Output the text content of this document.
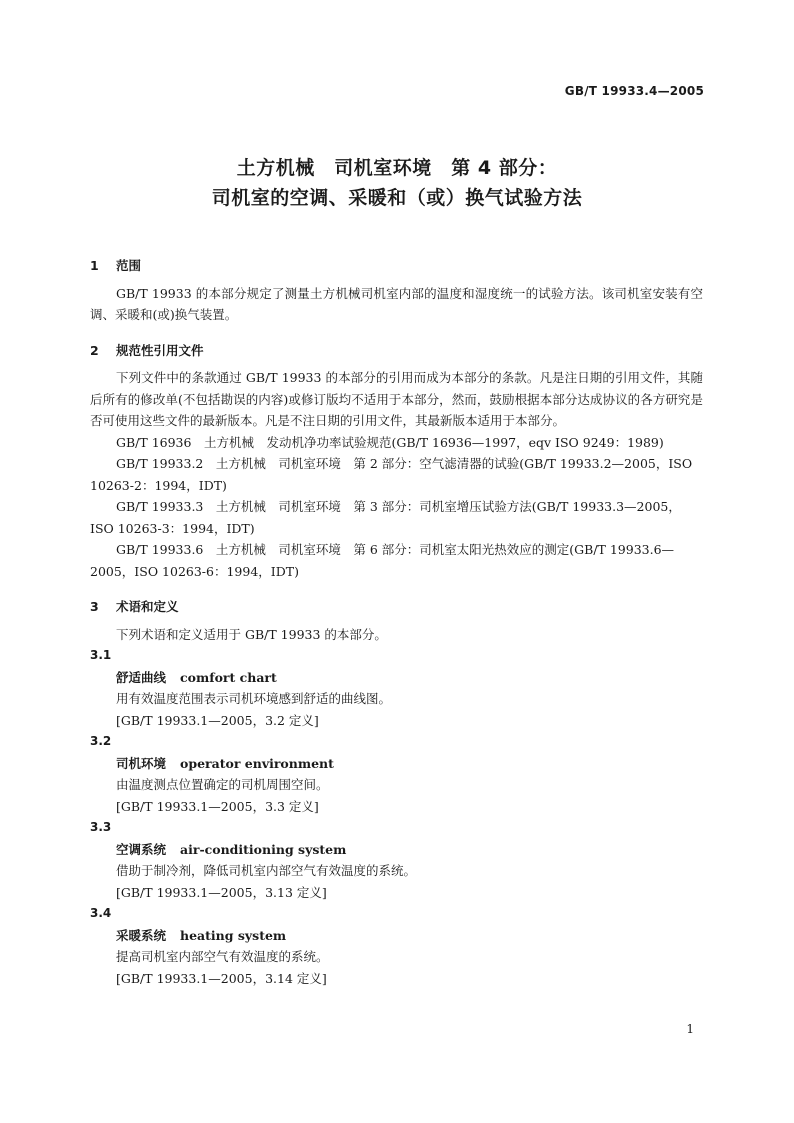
GB/T 19933.4—2005
土方机械　司机室环境　第 4 部分：
司机室的空调、采暖和（或）换气试验方法
1 范围
GB/T 19933 的本部分规定了测量土方机械司机室内部的温度和湿度统一的试验方法。该司机室安装有空调、采暖和(或)换气装置。
2 规范性引用文件
下列文件中的条款通过 GB/T 19933 的本部分的引用而成为本部分的条款。凡是注日期的引用文件，其随后所有的修改单(不包括勘误的内容)或修订版均不适用于本部分，然而，鼓励根据本部分达成协议的各方研究是否可使用这些文件的最新版本。凡是不注日期的引用文件，其最新版本适用于本部分。
GB/T 16936　土方机械　发动机净功率试验规范(GB/T 16936—1997，eqv ISO 9249：1989)
GB/T 19933.2　土方机械　司机室环境　第 2 部分：空气滤清器的试验(GB/T 19933.2—2005，ISO 10263-2：1994，IDT)
GB/T 19933.3　土方机械　司机室环境　第 3 部分：司机室增压试验方法(GB/T 19933.3—2005，ISO 10263-3：1994，IDT)
GB/T 19933.6　土方机械　司机室环境　第 6 部分：司机室太阳光热效应的测定(GB/T 19933.6—2005，ISO 10263-6：1994，IDT)
3 术语和定义
下列术语和定义适用于 GB/T 19933 的本部分。
3.1
舒适曲线 comfort chart
用有效温度范围表示司机环境感到舒适的曲线图。
[GB/T 19933.1—2005，3.2 定义]
3.2
司机环境 operator environment
由温度测点位置确定的司机周围空间。
[GB/T 19933.1—2005，3.3 定义]
3.3
空调系统 air-conditioning system
借助于制冷剂，降低司机室内部空气有效温度的系统。
[GB/T 19933.1—2005，3.13 定义]
3.4
采暖系统 heating system
提高司机室内部空气有效温度的系统。
[GB/T 19933.1—2005，3.14 定义]
1
